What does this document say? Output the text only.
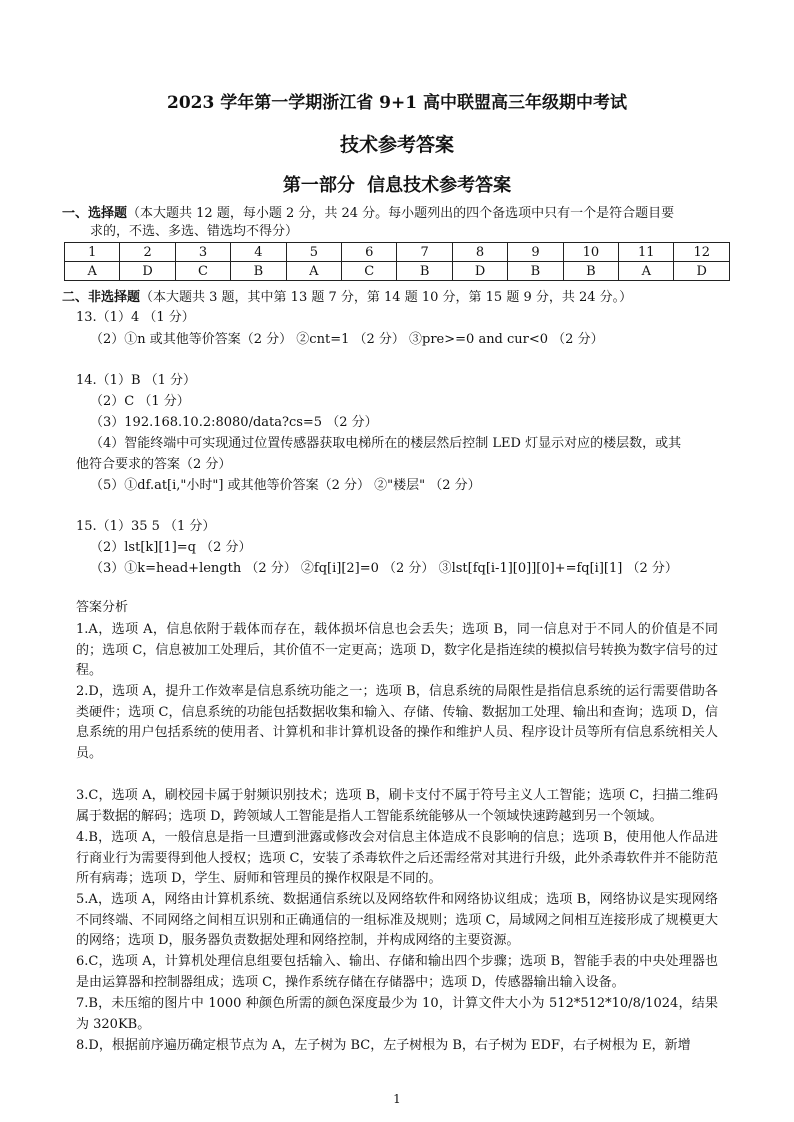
2023 学年第一学期浙江省 9+1 高中联盟高三年级期中考试
技术参考答案
第一部分 信息技术参考答案
一、选择题（本大题共 12 题，每小题 2 分，共 24 分。每小题列出的四个备选项中只有一个是符合题目要
求的，不选、多选、错选均不得分）
1	2	3	4	5	6	7	8	9	10	11	12
A	D	C	B	A	C	B	D	B	B	A	D
二、非选择题（本大题共 3 题，其中第 13 题 7 分，第 14 题 10 分，第 15 题 9 分，共 24 分。）
13.（1）4 （1 分）
（2）①n 或其他等价答案（2 分） ②cnt=1 （2 分） ③pre>=0 and cur<0 （2 分）
14.（1）B （1 分）
（2）C （1 分）
（3）192.168.10.2:8080/data?cs=5 （2 分）
（4）智能终端中可实现通过位置传感器获取电梯所在的楼层然后控制 LED 灯显示对应的楼层数，或其
他符合要求的答案（2 分）
（5）①df.at[i,"小时"] 或其他等价答案（2 分） ②"楼层" （2 分）
15.（1）35 5 （1 分）
（2）lst[k][1]=q （2 分）
（3）①k=head+length （2 分） ②fq[i][2]=0 （2 分） ③lst[fq[i-1][0]][0]+=fq[i][1] （2 分）
答案分析
1.A，选项 A，信息依附于载体而存在，载体损坏信息也会丢失；选项 B，同一信息对于不同人的价值是不同的；选项 C，信息被加工处理后，其价值不一定更高；选项 D，数字化是指连续的模拟信号转换为数字信号的过程。
2.D，选项 A，提升工作效率是信息系统功能之一；选项 B，信息系统的局限性是指信息系统的运行需要借助各类硬件；选项 C，信息系统的功能包括数据收集和输入、存储、传输、数据加工处理、输出和查询；选项 D，信息系统的用户包括系统的使用者、计算机和非计算机设备的操作和维护人员、程序设计员等所有信息系统相关人员。
3.C，选项 A，刷校园卡属于射频识别技术；选项 B，刷卡支付不属于符号主义人工智能；选项 C，扫描二维码属于数据的解码；选项 D，跨领域人工智能是指人工智能系统能够从一个领域快速跨越到另一个领域。
4.B，选项 A，一般信息是指一旦遭到泄露或修改会对信息主体造成不良影响的信息；选项 B，使用他人作品进行商业行为需要得到他人授权；选项 C，安装了杀毒软件之后还需经常对其进行升级，此外杀毒软件并不能防范所有病毒；选项 D，学生、厨师和管理员的操作权限是不同的。
5.A，选项 A，网络由计算机系统、数据通信系统以及网络软件和网络协议组成；选项 B，网络协议是实现网络不同终端、不同网络之间相互识别和正确通信的一组标准及规则；选项 C，局域网之间相互连接形成了规模更大的网络；选项 D，服务器负责数据处理和网络控制，并构成网络的主要资源。
6.C，选项 A，计算机处理信息组要包括输入、输出、存储和输出四个步骤；选项 B，智能手表的中央处理器也是由运算器和控制器组成；选项 C，操作系统存储在存储器中；选项 D，传感器输出输入设备。
7.B，未压缩的图片中 1000 种颜色所需的颜色深度最少为 10，计算文件大小为 512*512*10/8/1024，结果为 320KB。
8.D，根据前序遍历确定根节点为 A，左子树为 BC，左子树根为 B，右子树为 EDF，右子树根为 E，新增
1
